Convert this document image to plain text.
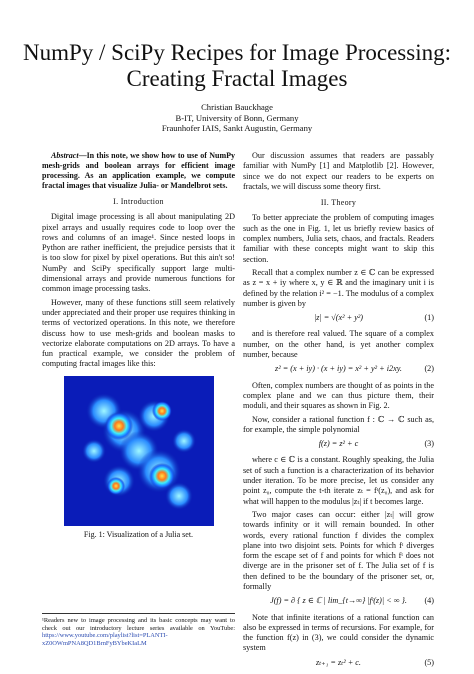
NumPy / SciPy Recipes for Image Processing:
Creating Fractal Images
Christian Bauckhage
B-IT, University of Bonn, Germany
Fraunhofer IAIS, Sankt Augustin, Germany

Abstract—In this note, we show how to use of NumPy mesh-grids and boolean arrays for efficient image processing. As an application example, we compute fractal images that visualize Julia- or Mandelbrot sets.

I. Introduction

Digital image processing is all about manipulating 2D pixel arrays and usually requires code to loop over the rows and columns of an image¹. Since nested loops in Python are rather inefficient, the prejudice persists that it is too slow for pixel by pixel operations. But this ain't so! NumPy and SciPy specifically support large multi-dimensional arrays and provide numerous functions for common image processing tasks.

However, many of these functions still seem relatively under appreciated and their proper use requires thinking in terms of vectorized operations. In this note, we therefore discuss how to use mesh-grids and boolean masks to vectorize elaborate computations on 2D arrays. To have a fun practical example, we consider the problem of computing fractal images like this:

Fig. 1: Visualization of a Julia set.
¹Readers new to image processing and its basic concepts may want to check out our introductory lecture series available on YouTube: https://www.youtube.com/playlist?list=PLANTI-xZ0OWmPNA8QD1BrnFyBYbeKIaLM

Our discussion assumes that readers are passably familiar with NumPy [1] and Matplotlib [2]. However, since we do not expect our readers to be experts on fractals, we will discuss some theory first.

II. Theory

To better appreciate the problem of computing images such as the one in Fig. 1, let us briefly review basics of complex numbers, Julia sets, chaos, and fractals. Readers familiar with these concepts might want to skip this section.

Recall that a complex number z ∈ ℂ can be expressed as z = x + iy where x, y ∈ ℝ and the imaginary unit i is defined by the relation i² = −1. The modulus of a complex number is given by

|z| = √(x² + y²)	(1)

and is therefore real valued. The square of a complex number, on the other hand, is yet another complex number, because

z² = (x + iy) · (x + iy) = x² + y² + i2xy.	(2)

Often, complex numbers are thought of as points in the complex plane and we can thus picture them, their moduli, and their squares as shown in Fig. 2.

Now, consider a rational function f : ℂ → ℂ such as, for example, the simple polynomial

f(z) = z² + c	(3)

where c ∈ ℂ is a constant. Roughly speaking, the Julia set of such a function is a characterization of its behavior under iteration. To be more precise, let us consider any point z₀, compute the t-th iterate zₜ = fᵗ(z₀), and ask for what will happen to the modulus |zₜ| if t becomes large.

Two major cases can occur: either |zₜ| will grow towards infinity or it will remain bounded. In other words, every rational function f divides the complex plane into two disjoint sets. Points for which fᵗ diverges form the escape set of f and points for which fᵗ does not diverge are in the prisoner set of f. The Julia set of f is then defined to be the boundary of the prisoner set, or, formally

J(f) = ∂ { z ∈ ℂ | lim_{t→∞} |fᵗ(z)| < ∞ }. (4)

Note that infinite iterations of a rational function can also be expressed in terms of recursions. For example, for the function f(z) in (3), we could consider the dynamic system

zₜ₊₁ = zₜ² + c.	(5)
